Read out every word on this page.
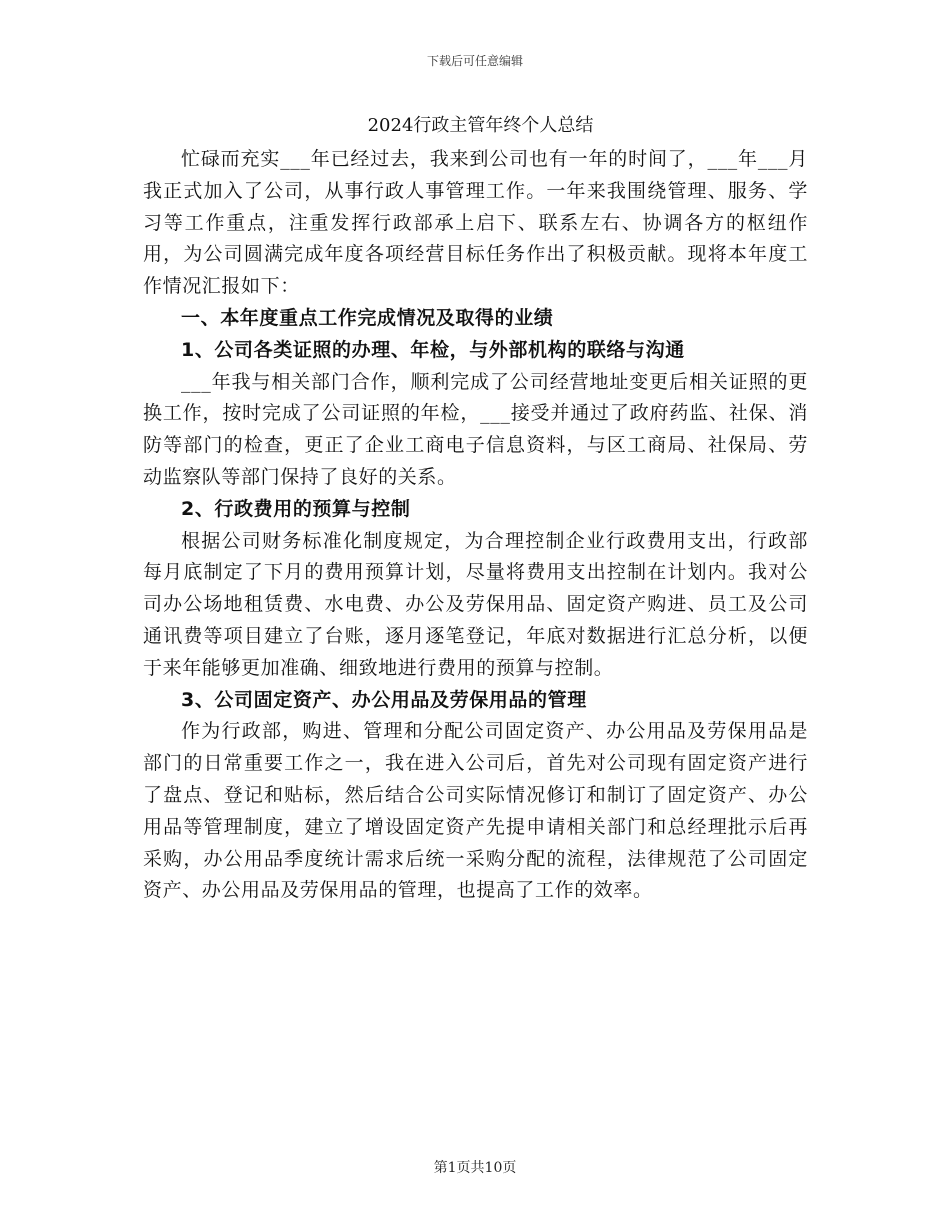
下载后可任意编辑
2024行政主管年终个人总结

忙碌而充实___年已经过去，我来到公司也有一年的时间了，___年___月我正式加入了公司，从事行政人事管理工作。一年来我围绕管理、服务、学习等工作重点，注重发挥行政部承上启下、联系左右、协调各方的枢纽作用，为公司圆满完成年度各项经营目标任务作出了积极贡献。现将本年度工作情况汇报如下：

一、本年度重点工作完成情况及取得的业绩

1、公司各类证照的办理、年检，与外部机构的联络与沟通

___年我与相关部门合作，顺利完成了公司经营地址变更后相关证照的更换工作，按时完成了公司证照的年检，___接受并通过了政府药监、社保、消防等部门的检查，更正了企业工商电子信息资料，与区工商局、社保局、劳动监察队等部门保持了良好的关系。

2、行政费用的预算与控制

根据公司财务标准化制度规定，为合理控制企业行政费用支出，行政部每月底制定了下月的费用预算计划，尽量将费用支出控制在计划内。我对公司办公场地租赁费、水电费、办公及劳保用品、固定资产购进、员工及公司通讯费等项目建立了台账，逐月逐笔登记，年底对数据进行汇总分析，以便于来年能够更加准确、细致地进行费用的预算与控制。

3、公司固定资产、办公用品及劳保用品的管理

作为行政部，购进、管理和分配公司固定资产、办公用品及劳保用品是部门的日常重要工作之一，我在进入公司后，首先对公司现有固定资产进行了盘点、登记和贴标，然后结合公司实际情况修订和制订了固定资产、办公用品等管理制度，建立了增设固定资产先提申请相关部门和总经理批示后再采购，办公用品季度统计需求后统一采购分配的流程，法律规范了公司固定资产、办公用品及劳保用品的管理，也提高了工作的效率。

第1页共10页
